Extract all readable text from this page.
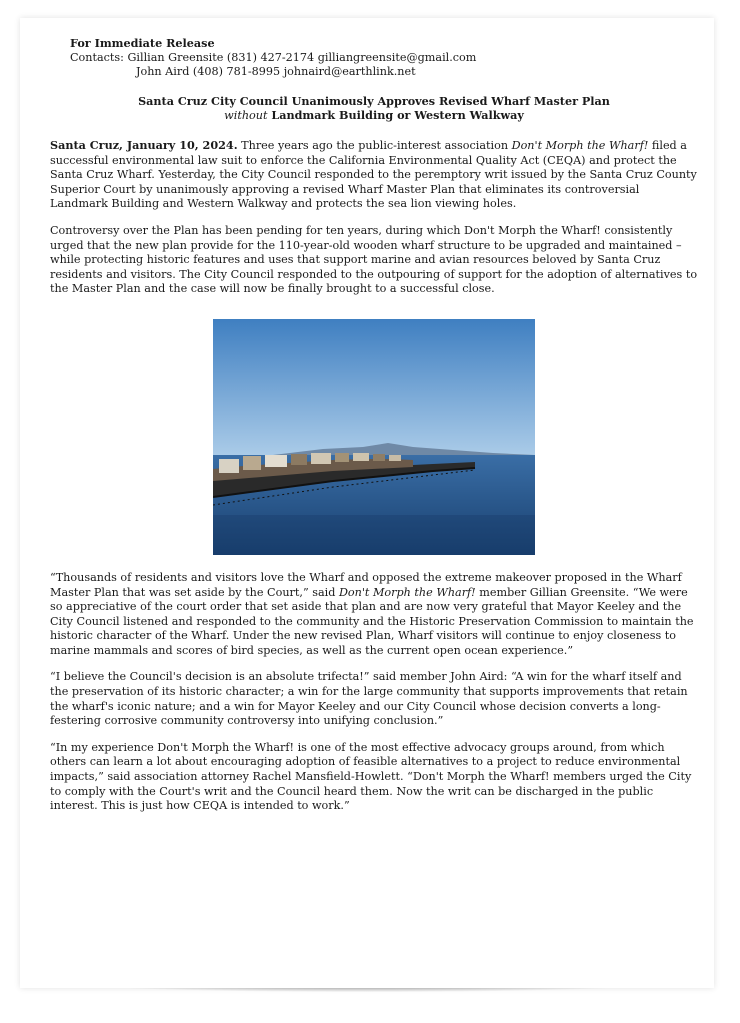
For Immediate Release
Contacts: Gillian Greensite (831) 427-2174 gilliangreensite@gmail.com
John Aird (408) 781-8995 johnaird@earthlink.net
Santa Cruz City Council Unanimously Approves Revised Wharf Master Plan
without Landmark Building or Western Walkway

Santa Cruz, January 10, 2024. Three years ago the public-interest association Don't Morph the Wharf! filed a successful environmental law suit to enforce the California Environmental Quality Act (CEQA) and protect the Santa Cruz Wharf. Yesterday, the City Council responded to the peremptory writ issued by the Santa Cruz County Superior Court by unanimously approving a revised Wharf Master Plan that eliminates its controversial Landmark Building and Western Walkway and protects the sea lion viewing holes.

Controversy over the Plan has been pending for ten years, during which Don't Morph the Wharf! consistently urged that the new plan provide for the 110-year-old wooden wharf structure to be upgraded and maintained – while protecting historic features and uses that support marine and avian resources beloved by Santa Cruz residents and visitors. The City Council responded to the outpouring of support for the adoption of alternatives to the Master Plan and the case will now be finally brought to a successful close.

“Thousands of residents and visitors love the Wharf and opposed the extreme makeover proposed in the Wharf Master Plan that was set aside by the Court,” said Don't Morph the Wharf! member Gillian Greensite. “We were so appreciative of the court order that set aside that plan and are now very grateful that Mayor Keeley and the City Council listened and responded to the community and the Historic Preservation Commission to maintain the historic character of the Wharf. Under the new revised Plan, Wharf visitors will continue to enjoy closeness to marine mammals and scores of bird species, as well as the current open ocean experience.”

“I believe the Council's decision is an absolute trifecta!” said member John Aird: “A win for the wharf itself and the preservation of its historic character; a win for the large community that supports improvements that retain the wharf's iconic nature; and a win for Mayor Keeley and our City Council whose decision converts a long-festering corrosive community controversy into unifying conclusion.”

“In my experience Don't Morph the Wharf! is one of the most effective advocacy groups around, from which others can learn a lot about encouraging adoption of feasible alternatives to a project to reduce environmental impacts,” said association attorney Rachel Mansfield-Howlett. “Don't Morph the Wharf! members urged the City to comply with the Court's writ and the Council heard them. Now the writ can be discharged in the public interest. This is just how CEQA is intended to work.”
